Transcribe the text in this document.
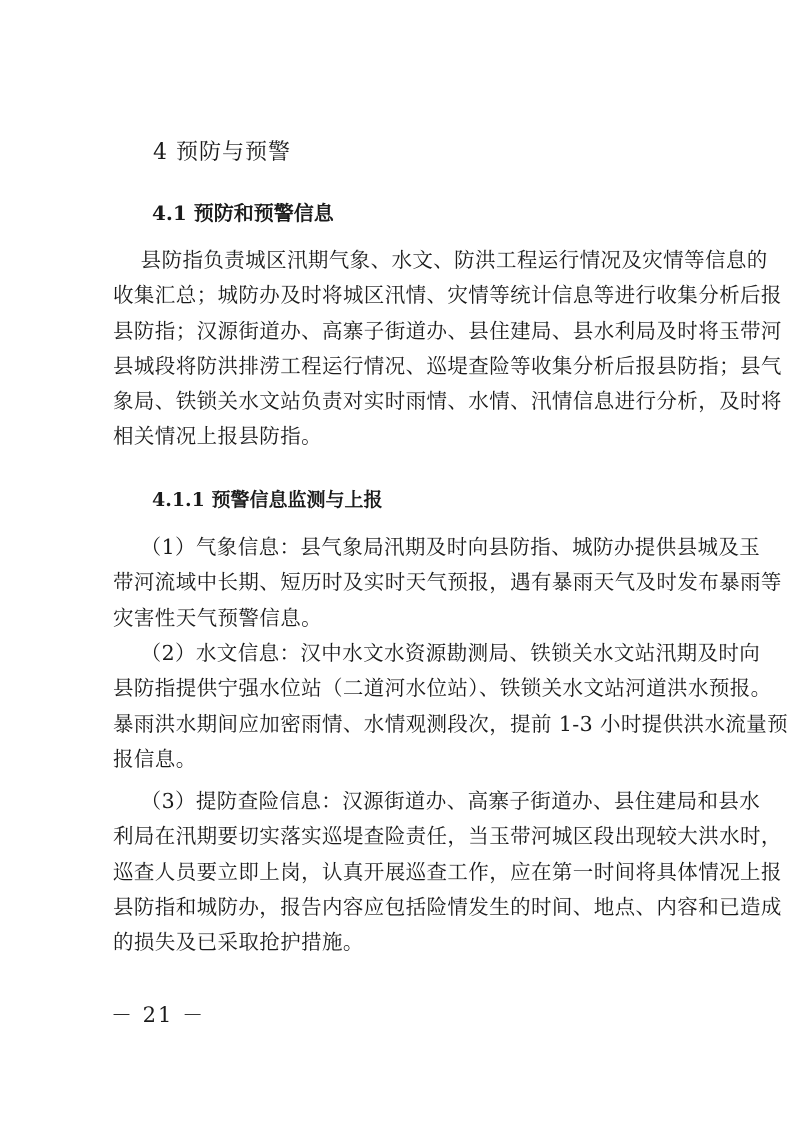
4 预防与预警
4.1 预防和预警信息
县防指负责城区汛期气象、水文、防洪工程运行情况及灾情等信息的
收集汇总；城防办及时将城区汛情、灾情等统计信息等进行收集分析后报
县防指；汉源街道办、高寨子街道办、县住建局、县水利局及时将玉带河
县城段将防洪排涝工程运行情况、巡堤查险等收集分析后报县防指；县气
象局、铁锁关水文站负责对实时雨情、水情、汛情信息进行分析，及时将
相关情况上报县防指。
4.1.1 预警信息监测与上报
（1）气象信息：县气象局汛期及时向县防指、城防办提供县城及玉
带河流域中长期、短历时及实时天气预报，遇有暴雨天气及时发布暴雨等
灾害性天气预警信息。
（2）水文信息：汉中水文水资源勘测局、铁锁关水文站汛期及时向
县防指提供宁强水位站（二道河水位站）、铁锁关水文站河道洪水预报。
暴雨洪水期间应加密雨情、水情观测段次，提前 1-3 小时提供洪水流量预
报信息。
（3）提防查险信息：汉源街道办、高寨子街道办、县住建局和县水
利局在汛期要切实落实巡堤查险责任，当玉带河城区段出现较大洪水时，
巡查人员要立即上岗，认真开展巡查工作，应在第一时间将具体情况上报
县防指和城防办，报告内容应包括险情发生的时间、地点、内容和已造成
的损失及已采取抢护措施。
－ 21 －
